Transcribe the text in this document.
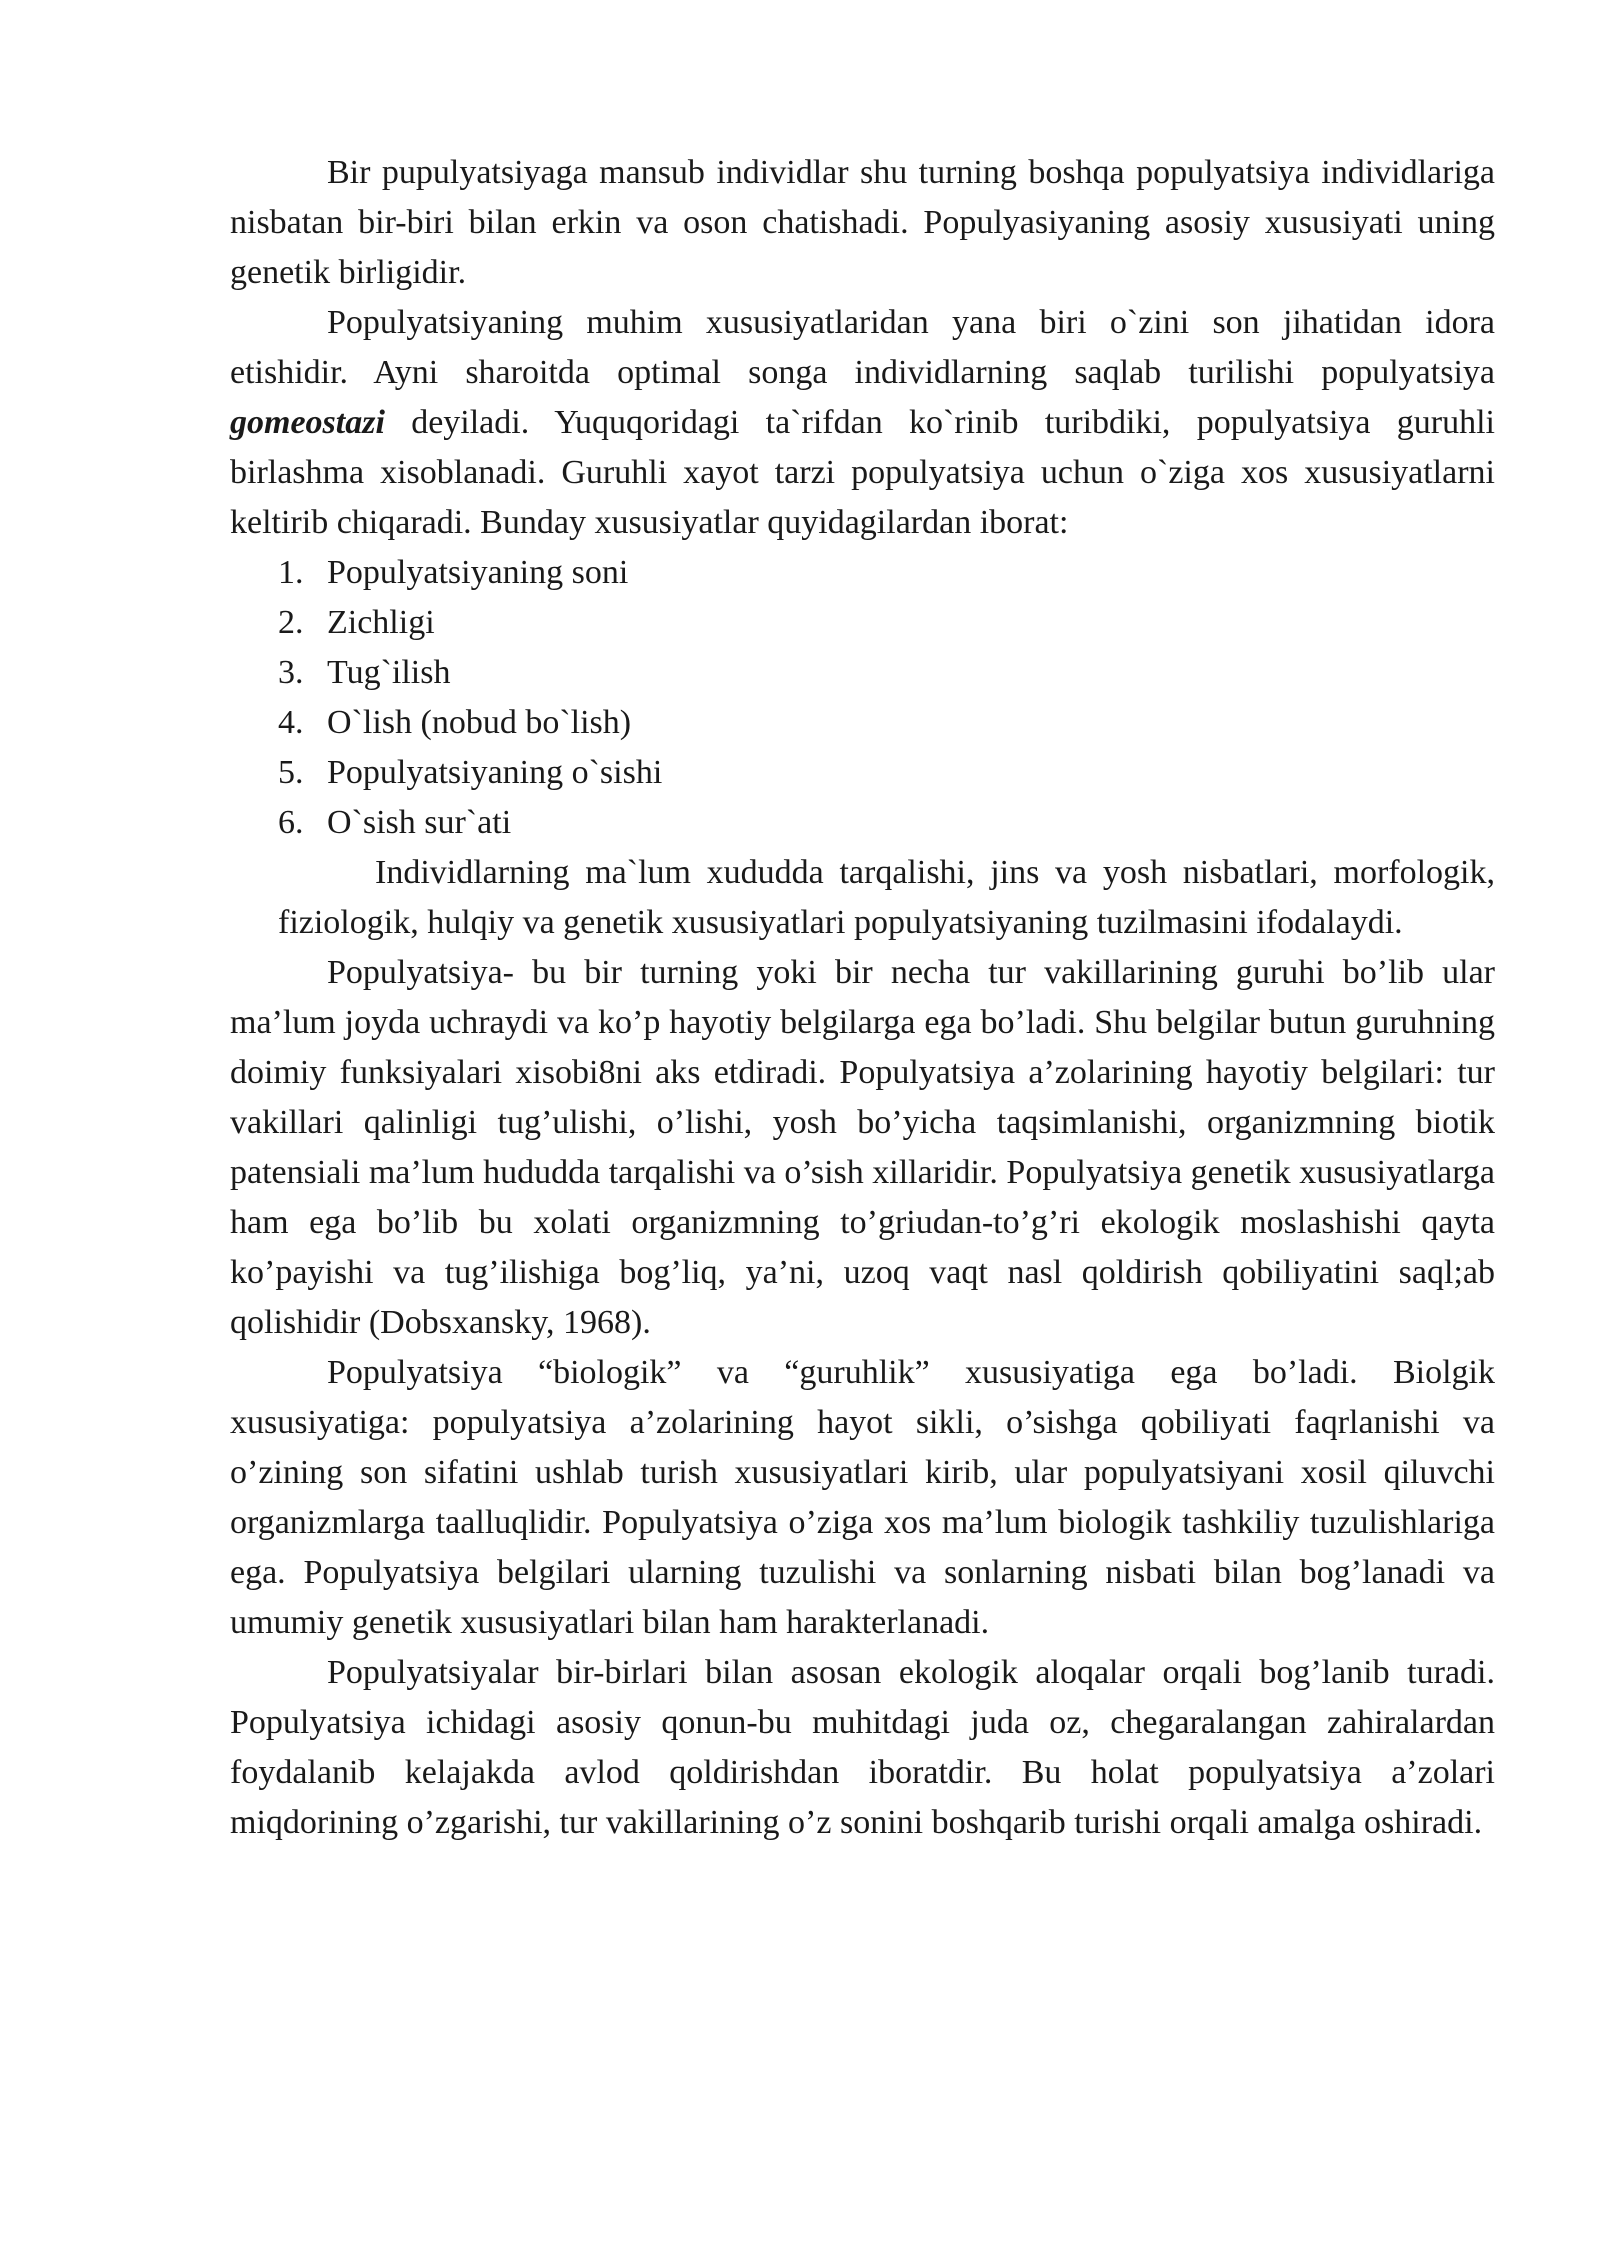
Bir pupulyatsiyaga mansub individlar shu turning boshqa populyatsiya individlariga nisbatan bir-biri bilan erkin va oson chatishadi. Populyasiyaning asosiy xususiyati uning genetik birligidir.

Populyatsiyaning muhim xususiyatlaridan yana biri o`zini son jihatidan idora etishidir. Ayni sharoitda optimal songa individlarning saqlab turilishi populyatsiya gomeostazi deyiladi. Yuquqoridagi ta`rifdan ko`rinib turibdiki, populyatsiya guruhli birlashma xisoblanadi. Guruhli xayot tarzi populyatsiya uchun o`ziga xos xususiyatlarni keltirib chiqaradi. Bunday xususiyatlar quyidagilardan iborat:

1. Populyatsiyaning soni
2. Zichligi
3. Tug`ilish
4. O`lish (nobud bo`lish)
5. Populyatsiyaning o`sishi
6. O`sish sur`ati

Individlarning ma`lum xududda tarqalishi, jins va yosh nisbatlari, morfologik, fiziologik, hulqiy va genetik xususiyatlari populyatsiyaning tuzilmasini ifodalaydi.

Populyatsiya- bu bir turning yoki bir necha tur vakillarining guruhi bo’lib ular ma’lum joyda uchraydi va ko’p hayotiy belgilarga ega bo’ladi. Shu belgilar butun guruhning doimiy funksiyalari xisobi8ni aks etdiradi. Populyatsiya a’zolarining hayotiy belgilari: tur vakillari qalinligi tug’ulishi, o’lishi, yosh bo’yicha taqsimlanishi, organizmning biotik patensiali ma’lum hududda tarqalishi va o’sish xillaridir. Populyatsiya genetik xususiyatlarga ham ega bo’lib bu xolati organizmning to’griudan-to’g’ri ekologik moslashishi qayta ko’payishi va tug’ilishiga bog’liq, ya’ni, uzoq vaqt nasl qoldirish qobiliyatini saql;ab qolishidir (Dobsxansky, 1968).

Populyatsiya “biologik” va “guruhlik” xususiyatiga ega bo’ladi. Biolgik xususiyatiga: populyatsiya a’zolarining hayot sikli, o’sishga qobiliyati faqrlanishi va o’zining son sifatini ushlab turish xususiyatlari kirib, ular populyatsiyani xosil qiluvchi organizmlarga taalluqlidir. Populyatsiya o’ziga xos ma’lum biologik tashkiliy tuzulishlariga ega. Populyatsiya belgilari ularning tuzulishi va sonlarning nisbati bilan bog’lanadi va umumiy genetik xususiyatlari bilan ham harakterlanadi.

Populyatsiyalar bir-birlari bilan asosan ekologik aloqalar orqali bog’lanib turadi. Populyatsiya ichidagi asosiy qonun-bu muhitdagi juda oz, chegaralangan zahiralardan foydalanib kelajakda avlod qoldirishdan iboratdir. Bu holat populyatsiya a’zolari miqdorining o’zgarishi, tur vakillarining o’z sonini boshqarib turishi orqali amalga oshiradi.
